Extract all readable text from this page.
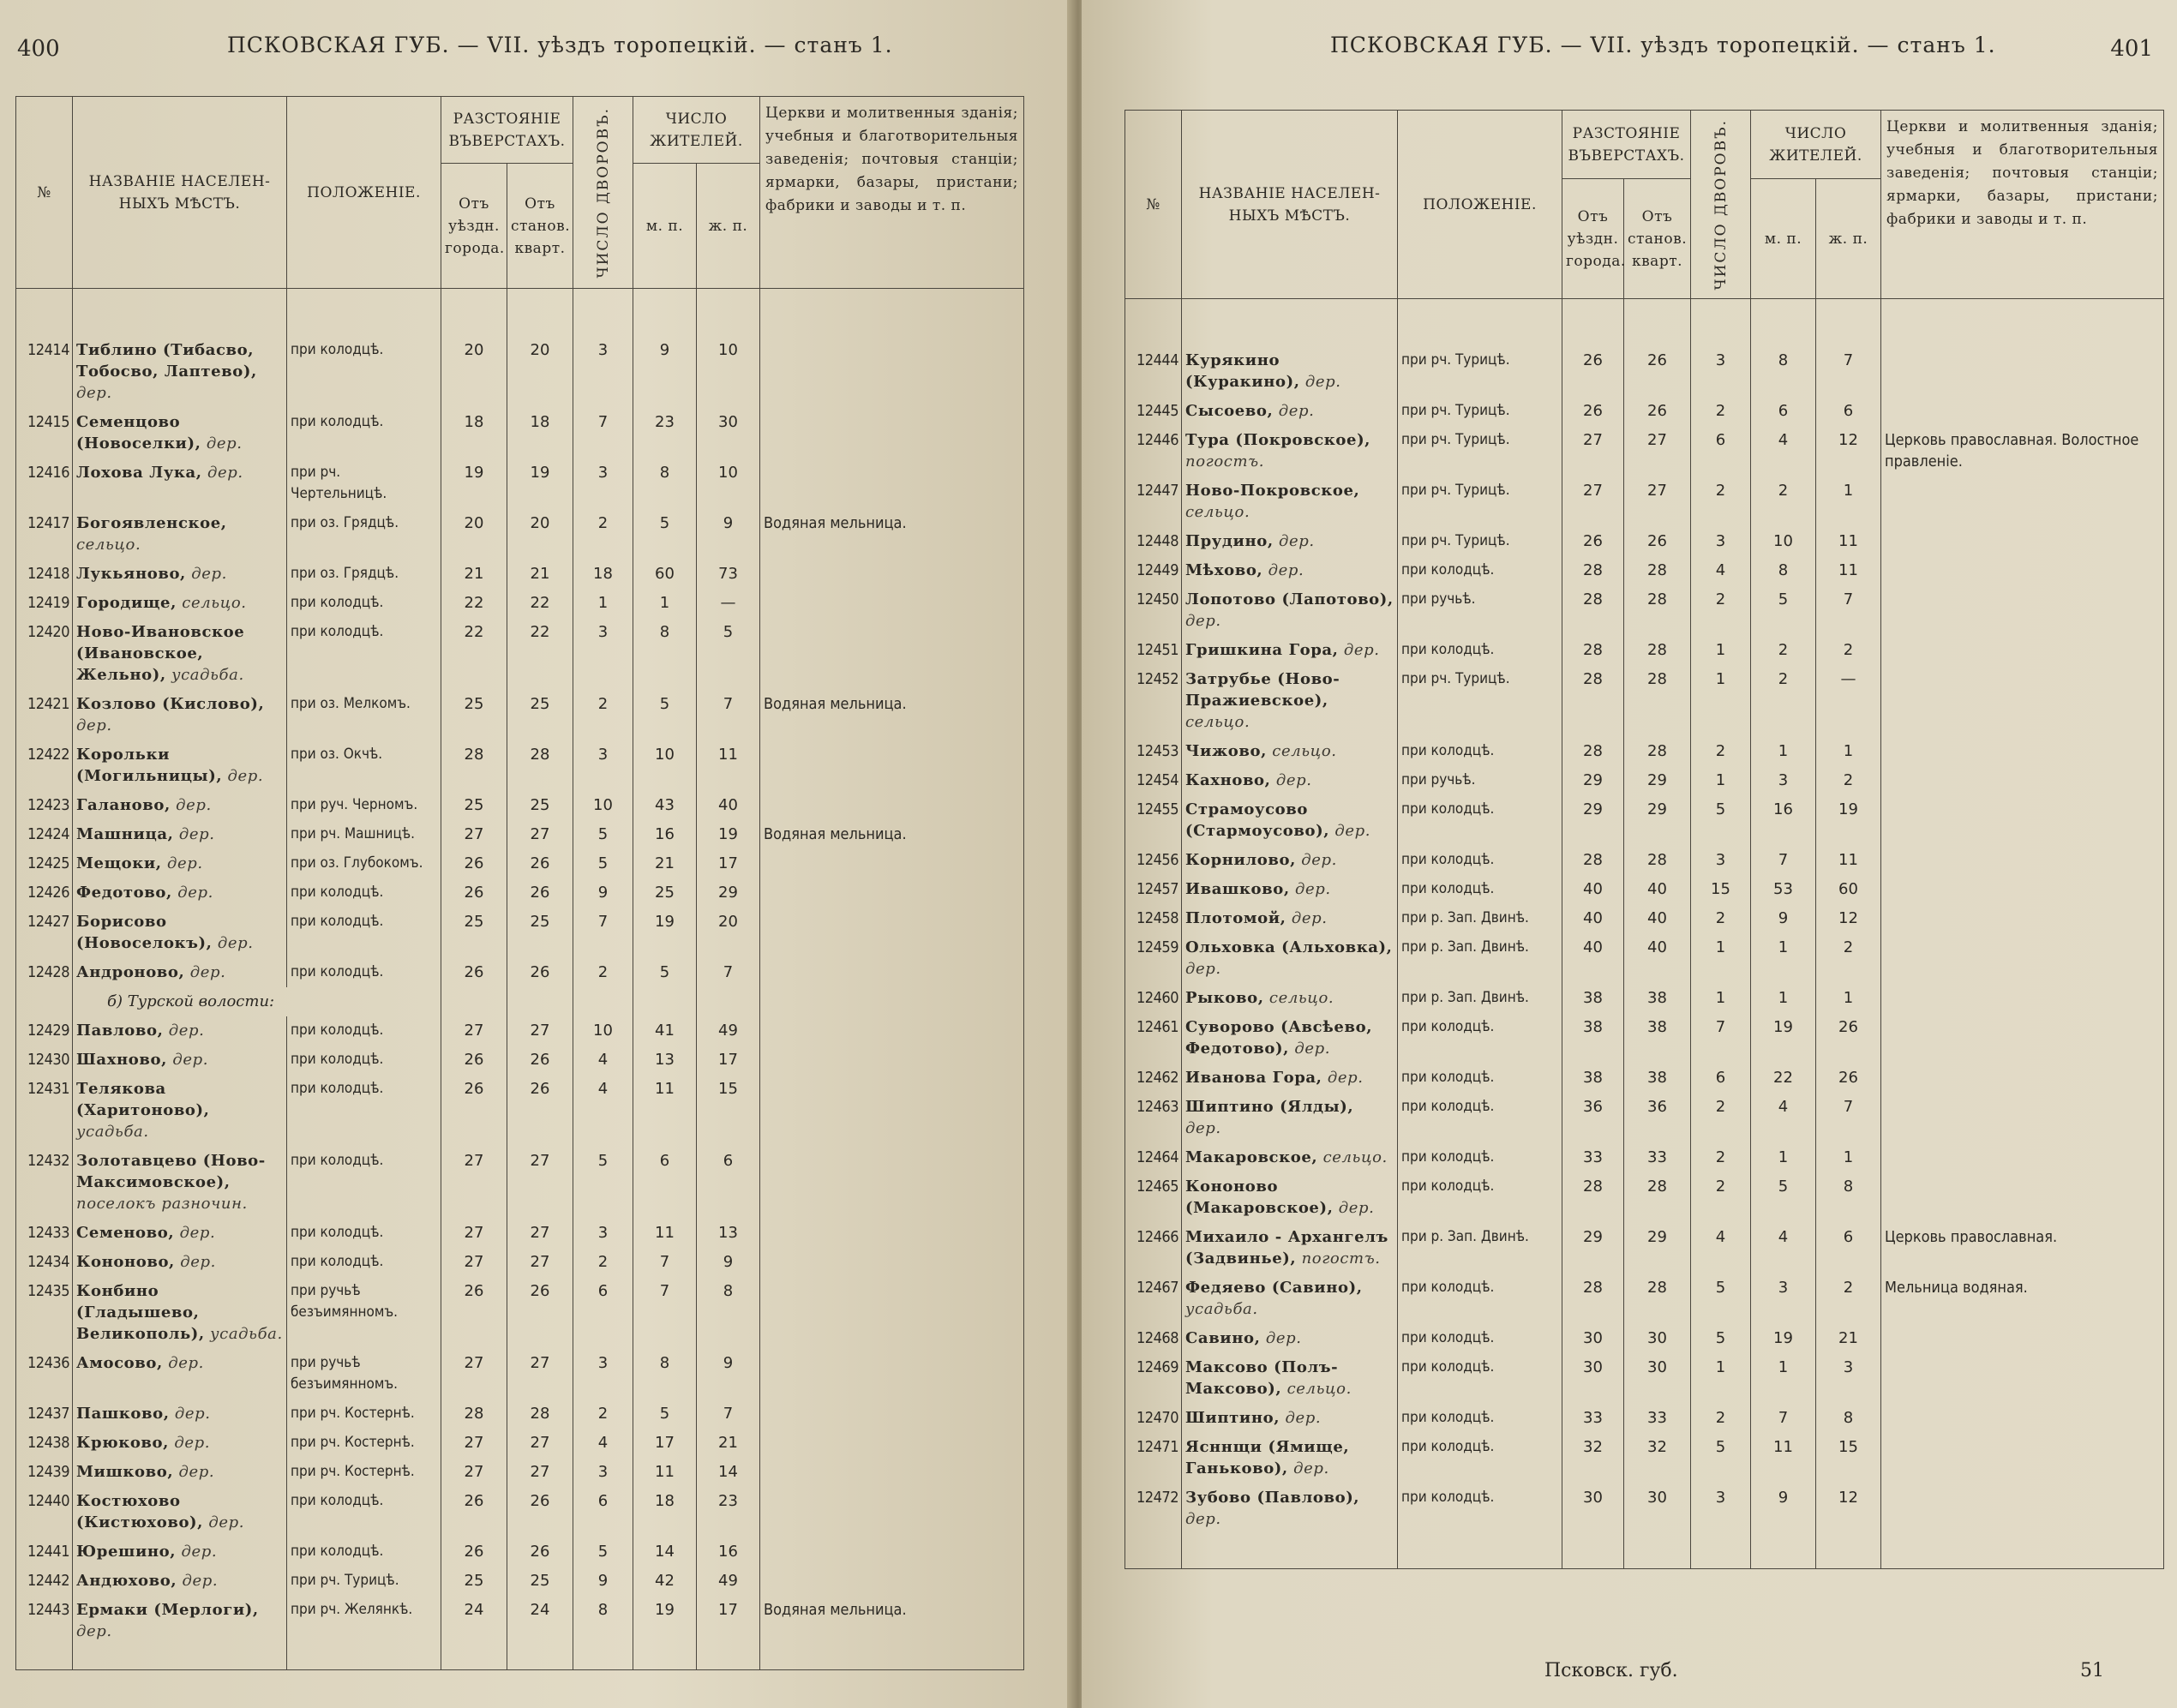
400	ПСКОВСКАЯ ГУБ. — VII. уѣздъ торопецкій. — станъ 1.
№	НАЗВАНІЕ НАСЕЛЕН-НЫХЪ МѢСТЪ.	ПОЛОЖЕНІЕ.	РАЗСТОЯНІЕ ВЪВЕРСТАХЪ.		ЧИСЛО ДВОРОВЪ.	ЧИСЛО ЖИТЕЛЕЙ.		Церкви и молитвенныя зданія; учебныя и благотворительныя заведенія; почтовыя станціи; ярмарки, базары, пристани; фабрики и заводы и т. п.
			Отъ уѣздн. города.	Отъ станов. кварт.		м. п.	ж. п.	

12414	Тиблино (Тибасво, Тобосво, Лаптево), дер.	при колодцѣ.	20	20	3	9	10	
12415	Семенцово (Новоселки), дер.	при колодцѣ.	18	18	7	23	30	
12416	Лохова Лука, дер.	при рч. Чертельницѣ.	19	19	3	8	10	
12417	Богоявленское, сельцо.	при оз. Грядцѣ.	20	20	2	5	9	Водяная мельница.
12418	Лукьяново, дер.	при оз. Грядцѣ.	21	21	18	60	73	
12419	Городище, сельцо.	при колодцѣ.	22	22	1	1	—	
12420	Ново-Ивановское (Ивановское, Жельно), усадьба.	при колодцѣ.	22	22	3	8	5	
12421	Козлово (Кислово), дер.	при оз. Мелкомъ.	25	25	2	5	7	Водяная мельница.
12422	Корольки (Могильницы), дер.	при оз. Окчѣ.	28	28	3	10	11	
12423	Галаново, дер.	при руч. Черномъ.	25	25	10	43	40	
12424	Машница, дер.	при рч. Машницѣ.	27	27	5	16	19	Водяная мельница.
12425	Мещоки, дер.	при оз. Глубокомъ.	26	26	5	21	17	
12426	Федотово, дер.	при колодцѣ.	26	26	9	25	29	
12427	Борисово (Новоселокъ), дер.	при колодцѣ.	25	25	7	19	20	
12428	Андроново, дер.	при колодцѣ.	26	26	2	5	7	
	б) Турской волости:							
12429	Павлово, дер.	при колодцѣ.	27	27	10	41	49	
12430	Шахново, дер.	при колодцѣ.	26	26	4	13	17	
12431	Телякова (Харитоново), усадьба.	при колодцѣ.	26	26	4	11	15	
12432	Золотавцево (Ново-Максимовское), поселокъ разночин.	при колодцѣ.	27	27	5	6	6	
12433	Семеново, дер.	при колодцѣ.	27	27	3	11	13	
12434	Кононово, дер.	при колодцѣ.	27	27	2	7	9	
12435	Конбино (Гладышево, Великополь), усадьба.	при ручьѣ безъимянномъ.	26	26	6	7	8	
12436	Амосово, дер.	при ручьѣ безъимянномъ.	27	27	3	8	9	
12437	Пашково, дер.	при рч. Костернѣ.	28	28	2	5	7	
12438	Крюково, дер.	при рч. Костернѣ.	27	27	4	17	21	
12439	Мишково, дер.	при рч. Костернѣ.	27	27	3	11	14	
12440	Костюхово (Кистюхово), дер.	при колодцѣ.	26	26	6	18	23	
12441	Юрешино, дер.	при колодцѣ.	26	26	5	14	16	
12442	Андюхово, дер.	при рч. Турицѣ.	25	25	9	42	49	
12443	Ермаки (Мерлоги), дер.	при рч. Желянкѣ.	24	24	8	19	17	Водяная мельница.

401
ПСКОВСКАЯ ГУБ. — VII. уѣздъ торопецкій. — станъ 1.
№	НАЗВАНІЕ НАСЕЛЕН-НЫХЪ МѢСТЪ.	ПОЛОЖЕНІЕ.	РАЗСТОЯНІЕ ВЪВЕРСТАХЪ.		ЧИСЛО ДВОРОВЪ.	ЧИСЛО ЖИТЕЛЕЙ.		Церкви и молитвенныя зданія; учебныя и благотворительныя заведенія; почтовыя станціи; ярмарки, базары, пристани; фабрики и заводы и т. п.
			Отъ уѣздн. города.	Отъ станов. кварт.		м. п.	ж. п.	

12444	Курякино (Куракино), дер.	при рч. Турицѣ.	26	26	3	8	7	
12445	Сысоево, дер.	при рч. Турицѣ.	26	26	2	6	6	
12446	Тура (Покровское), погостъ.	при рч. Турицѣ.	27	27	6	4	12	Церковь православная. Волостное правленіе.
12447	Ново-Покровское, сельцо.	при рч. Турицѣ.	27	27	2	2	1	
12448	Прудино, дер.	при рч. Турицѣ.	26	26	3	10	11	
12449	Мѣхово, дер.	при колодцѣ.	28	28	4	8	11	
12450	Лопотово (Лапотово), дер.	при ручьѣ.	28	28	2	5	7	
12451	Гришкина Гора, дер.	при колодцѣ.	28	28	1	2	2	
12452	Затрубье (Ново-Пражиевское), сельцо.	при рч. Турицѣ.	28	28	1	2	—	
12453	Чижово, сельцо.	при колодцѣ.	28	28	2	1	1	
12454	Кахново, дер.	при ручьѣ.	29	29	1	3	2	
12455	Страмоусово (Стармоусово), дер.	при колодцѣ.	29	29	5	16	19	
12456	Корнилово, дер.	при колодцѣ.	28	28	3	7	11	
12457	Ивашково, дер.	при колодцѣ.	40	40	15	53	60	
12458	Плотомой, дер.	при р. Зап. Двинѣ.	40	40	2	9	12	
12459	Ольховка (Альховка), дер.	при р. Зап. Двинѣ.	40	40	1	1	2	
12460	Рыково, сельцо.	при р. Зап. Двинѣ.	38	38	1	1	1	
12461	Суворово (Авсѣево, Федотово), дер.	при колодцѣ.	38	38	7	19	26	
12462	Иванова Гора, дер.	при колодцѣ.	38	38	6	22	26	
12463	Шиптино (Ялды), дер.	при колодцѣ.	36	36	2	4	7	
12464	Макаровское, сельцо.	при колодцѣ.	33	33	2	1	1	
12465	Кононово (Макаровское), дер.	при колодцѣ.	28	28	2	5	8	
12466	Михаило - Архангелъ (Задвинье), погостъ.	при р. Зап. Двинѣ.	29	29	4	4	6	Церковь православная.
12467	Федяево (Савино), усадьба.	при колодцѣ.	28	28	5	3	2	Мельница водяная.
12468	Савино, дер.	при колодцѣ.	30	30	5	19	21	
12469	Максово (Полъ-Максово), сельцо.	при колодцѣ.	30	30	1	1	3	
12470	Шиптино, дер.	при колодцѣ.	33	33	2	7	8	
12471	Ясннщи (Ямище, Ганьково), дер.	при колодцѣ.	32	32	5	11	15	
12472	Зубово (Павлово), дер.	при колодцѣ.	30	30	3	9	12	

Псковск. губ.	51
